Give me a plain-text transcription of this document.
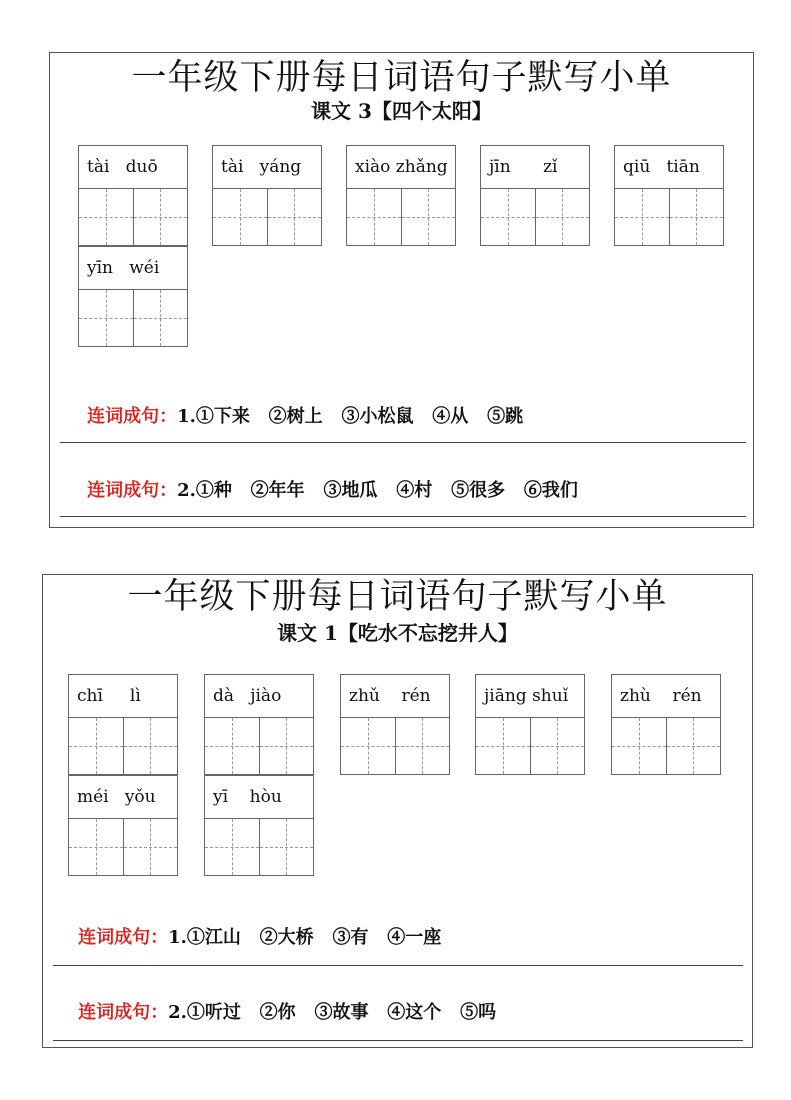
一年级下册每日词语句子默写小单
课文 3【四个太阳】
tài   duō	tài   yáng	xiào zhǎng	jīn      zǐ	qiū   tiān
yīn   wéi

连词成句：1.①下来   ②树上   ③小松鼠   ④从   ⑤跳

连词成句：2.①种   ②年年   ③地瓜   ④村   ⑤很多   ⑥我们

一年级下册每日词语句子默写小单
课文 1【吃水不忘挖井人】
chī     lì	dà   jiào	zhǔ    rén	jiāng shuǐ	zhù    rén
méi   yǒu	yī    hòu

连词成句：1.①江山   ②大桥   ③有   ④一座

连词成句：2.①听过   ②你   ③故事   ④这个   ⑤吗
